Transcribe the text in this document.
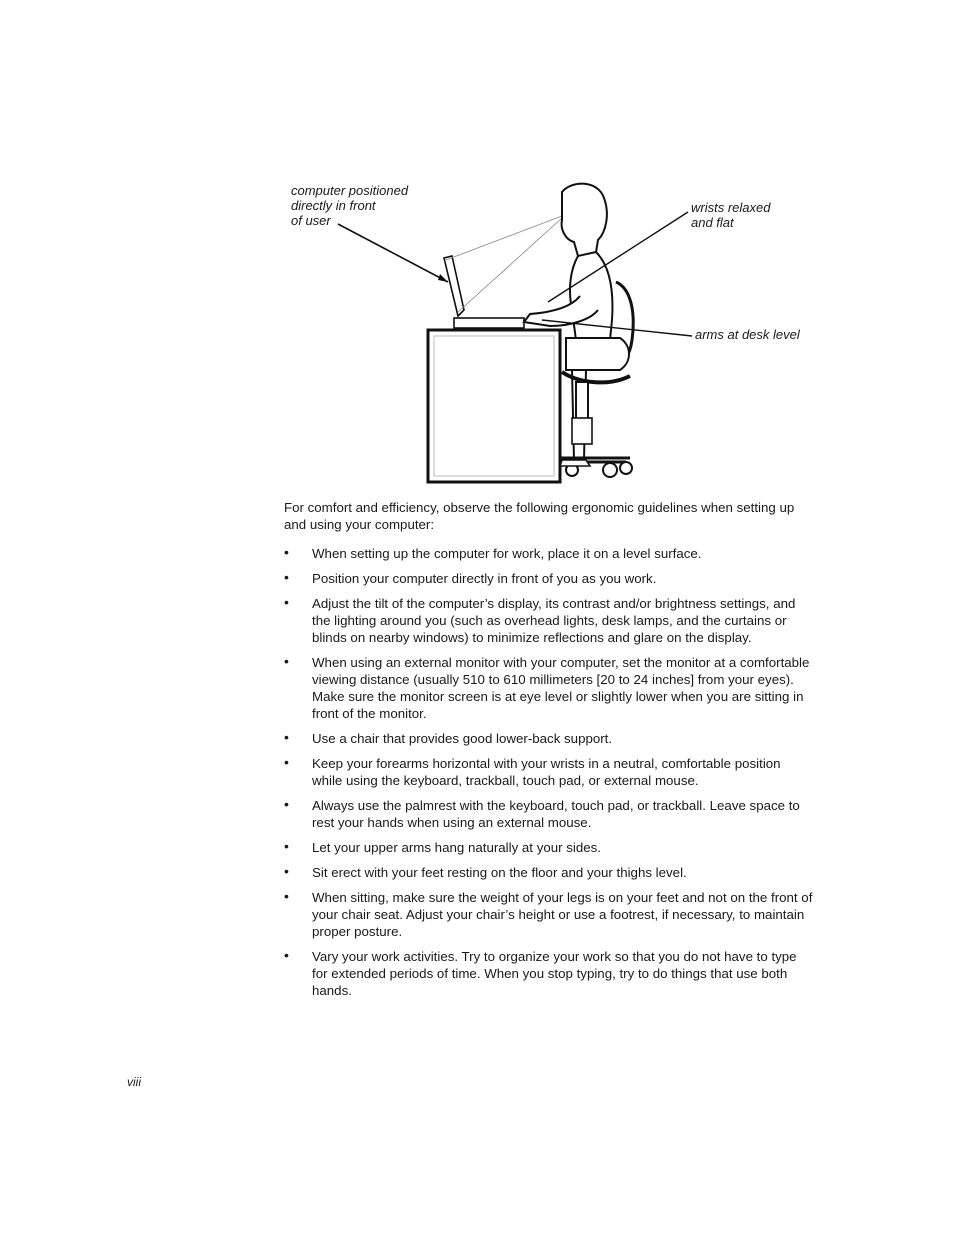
computer positioned
directly in front
of user
wrists relaxed
and flat
arms at desk level

For comfort and efficiency, observe the following ergonomic guidelines when setting up and using your computer:

• When setting up the computer for work, place it on a level surface.
• Position your computer directly in front of you as you work.
• Adjust the tilt of the computer’s display, its contrast and/or brightness settings, and the lighting around you (such as overhead lights, desk lamps, and the curtains or blinds on nearby windows) to minimize reflections and glare on the display.
• When using an external monitor with your computer, set the monitor at a comfortable viewing distance (usually 510 to 610 millimeters [20 to 24 inches] from your eyes). Make sure the monitor screen is at eye level or slightly lower when you are sitting in front of the monitor.
• Use a chair that provides good lower-back support.
• Keep your forearms horizontal with your wrists in a neutral, comfortable position while using the keyboard, trackball, touch pad, or external mouse.
• Always use the palmrest with the keyboard, touch pad, or trackball. Leave space to rest your hands when using an external mouse.
• Let your upper arms hang naturally at your sides.
• Sit erect with your feet resting on the floor and your thighs level.
• When sitting, make sure the weight of your legs is on your feet and not on the front of your chair seat. Adjust your chair’s height or use a footrest, if necessary, to maintain proper posture.
• Vary your work activities. Try to organize your work so that you do not have to type for extended periods of time. When you stop typing, try to do things that use both hands.
viii
